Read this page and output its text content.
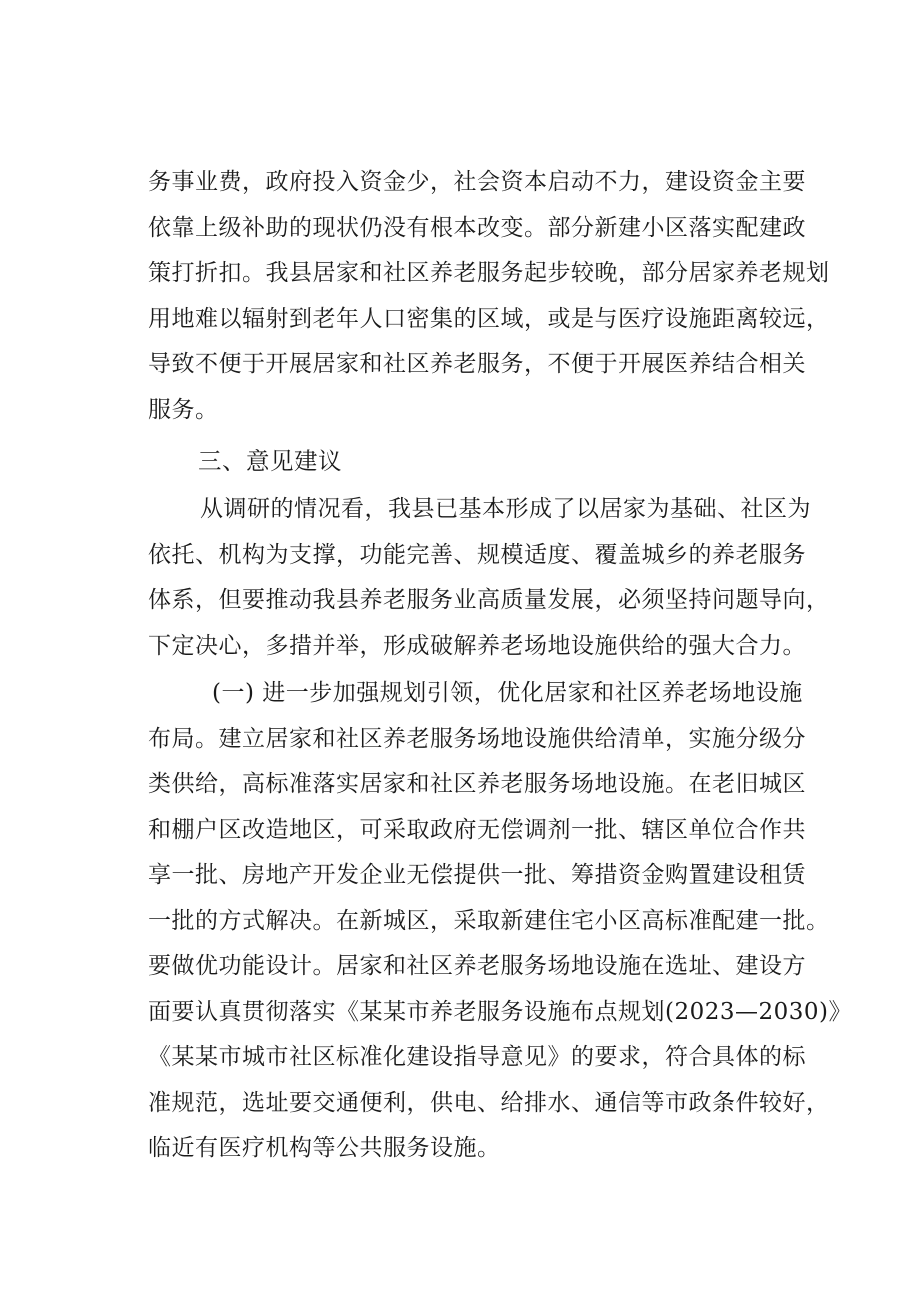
务事业费，政府投入资金少，社会资本启动不力，建设资金主要
依靠上级补助的现状仍没有根本改变。部分新建小区落实配建政
策打折扣。我县居家和社区养老服务起步较晚，部分居家养老规划
用地难以辐射到老年人口密集的区域，或是与医疗设施距离较远，
导致不便于开展居家和社区养老服务，不便于开展医养结合相关
服务。
三、意见建议
从调研的情况看，我县已基本形成了以居家为基础、社区为
依托、机构为支撑，功能完善、规模适度、覆盖城乡的养老服务
体系，但要推动我县养老服务业高质量发展，必须坚持问题导向，
下定决心，多措并举，形成破解养老场地设施供给的强大合力。
(一) 进一步加强规划引领，优化居家和社区养老场地设施
布局。建立居家和社区养老服务场地设施供给清单，实施分级分
类供给，高标准落实居家和社区养老服务场地设施。在老旧城区
和棚户区改造地区，可采取政府无偿调剂一批、辖区单位合作共
享一批、房地产开发企业无偿提供一批、筹措资金购置建设租赁
一批的方式解决。在新城区，采取新建住宅小区高标准配建一批。
要做优功能设计。居家和社区养老服务场地设施在选址、建设方
面要认真贯彻落实《某某市养老服务设施布点规划(2023—2030)》
《某某市城市社区标准化建设指导意见》的要求，符合具体的标
准规范，选址要交通便利，供电、给排水、通信等市政条件较好，
临近有医疗机构等公共服务设施。
